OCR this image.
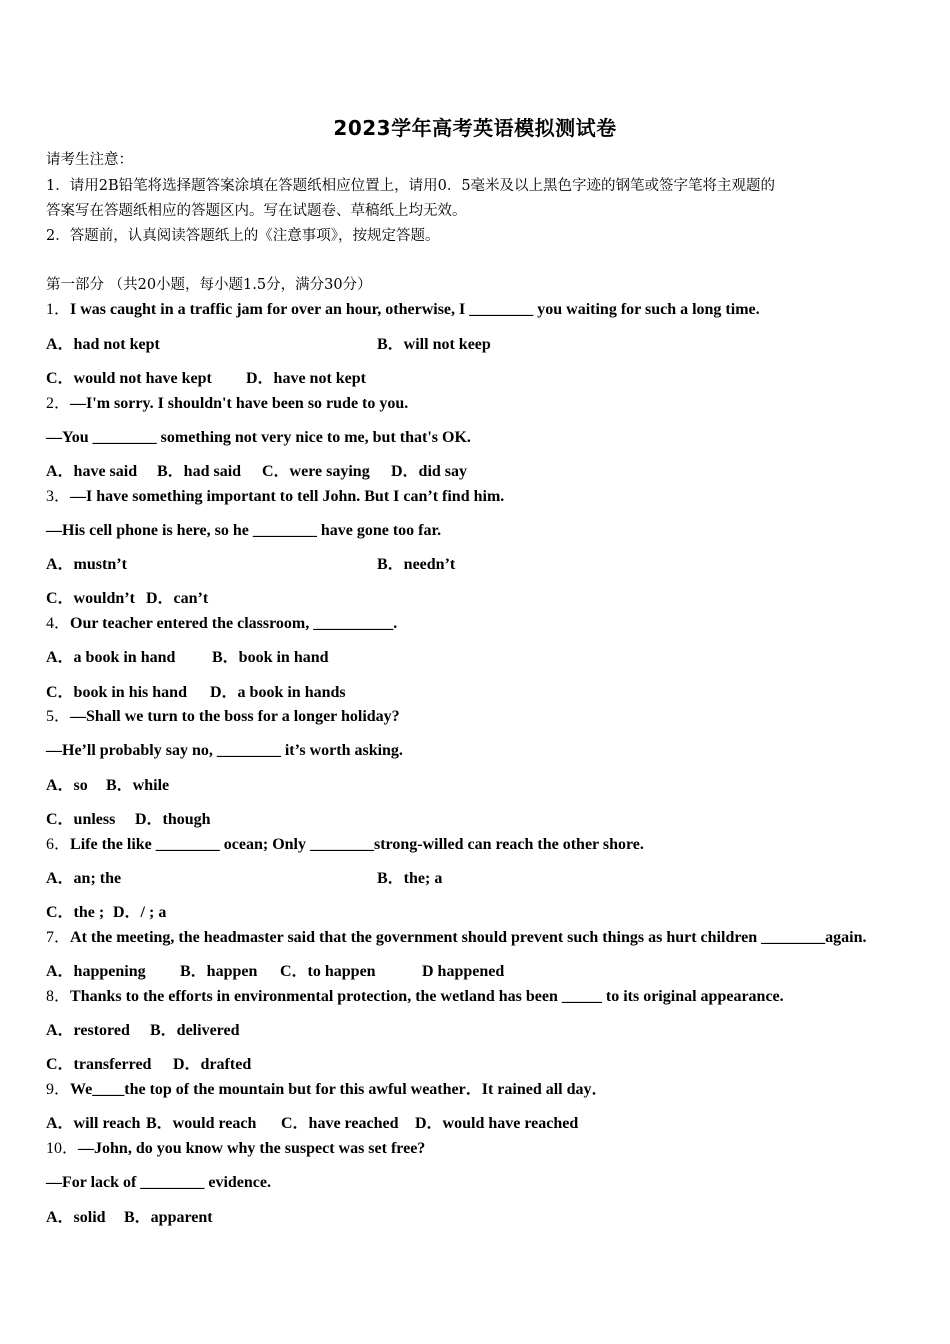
2023学年高考英语模拟测试卷
请考生注意：
1．请用2B铅笔将选择题答案涂填在答题纸相应位置上，请用0．5毫米及以上黑色字迹的钢笔或签字笔将主观题的
答案写在答题纸相应的答题区内。写在试题卷、草稿纸上均无效。
2．答题前，认真阅读答题纸上的《注意事项》，按规定答题。
第一部分 （共20小题，每小题1.5分，满分30分）
1．I was caught in a traffic jam for over an hour, otherwise, I ________ you waiting for such a long time.
A．had not kept	B．will not keep
C．would not have kept D．have not kept
2．—I'm sorry. I shouldn't have been so rude to you.
—You ________ something not very nice to me, but that's OK.
A．have said B．had said C．were saying D．did say
3．—I have something important to tell John. But I can’t find him.
—His cell phone is here, so he ________ have gone too far.
A．mustn’t	B．needn’t
C．wouldn’t D．can’t
4．Our teacher entered the classroom, __________.
A．a book in hand B．book in hand
C．book in his hand D．a book in hands
5．—Shall we turn to the boss for a longer holiday?
—He’ll probably say no, ________ it’s worth asking.
A．so B．while
C．unless D．though
6．Life the like ________ ocean; Only ________strong-willed can reach the other shore.
A．an; the	B．the; a
C．the ; D．/ ; a
7．At the meeting, the headmaster said that the government should prevent such things as hurt children ________again.
A．happening B．happen C．to happen	D happened
8．Thanks to the efforts in environmental protection, the wetland has been _____ to its original appearance.
A．restored B．delivered
C．transferred D．drafted
9．We____the top of the mountain but for this awful weather．It rained all day．
A．will reach B．would reach C．have reached D．would have reached
10．—John, do you know why the suspect was set free?
—For lack of ________ evidence.
A．solid B．apparent
